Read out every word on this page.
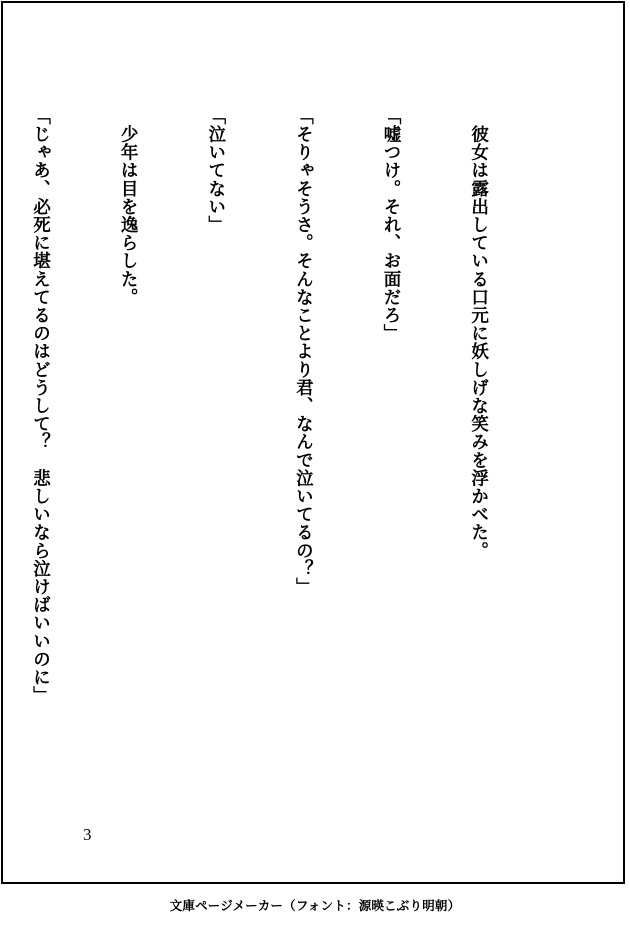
　彼女は露出している口元に妖しげな笑みを浮かべた。

「嘘つけ。それ、お面だろ」

「そりゃそうさ。そんなことより君、なんで泣いてるの？」

「泣いてない」

　少年は目を逸らした。

「じゃあ、必死に堪えてるのはどうして？　悲しいなら泣けばいいのに」

3
文庫ページメーカー（フォント：源暎こぶり明朝）
